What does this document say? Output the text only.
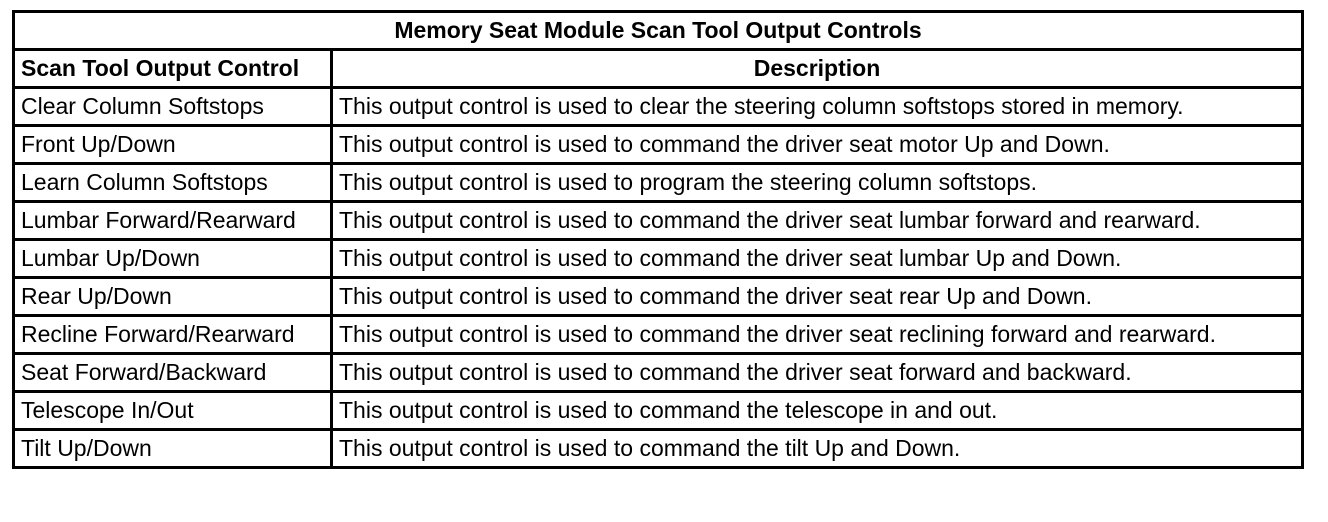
Memory Seat Module Scan Tool Output Controls	
Scan Tool Output Control	Description
Clear Column Softstops	This output control is used to clear the steering column softstops stored in memory.
Front Up/Down	This output control is used to command the driver seat motor Up and Down.
Learn Column Softstops	This output control is used to program the steering column softstops.
Lumbar Forward/Rearward	This output control is used to command the driver seat lumbar forward and rearward.
Lumbar Up/Down	This output control is used to command the driver seat lumbar Up and Down.
Rear Up/Down	This output control is used to command the driver seat rear Up and Down.
Recline Forward/Rearward	This output control is used to command the driver seat reclining forward and rearward.
Seat Forward/Backward	This output control is used to command the driver seat forward and backward.
Telescope In/Out	This output control is used to command the telescope in and out.
Tilt Up/Down	This output control is used to command the tilt Up and Down.
